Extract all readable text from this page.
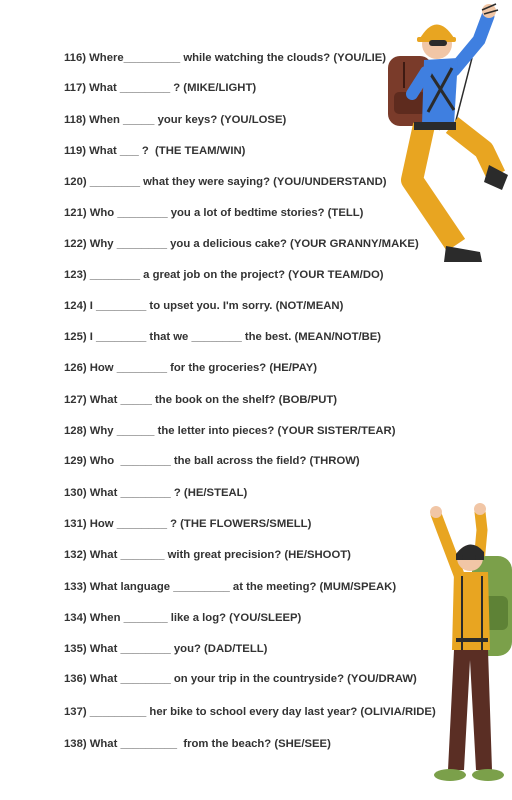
116) Where_________ while watching the clouds? (YOU/LIE)

117) What ________ ? (MIKE/LIGHT)

118) When _____ your keys? (YOU/LOSE)

119) What ___ ?  (THE TEAM/WIN)

120) ________ what they were saying? (YOU/UNDERSTAND)

121) Who ________ you a lot of bedtime stories? (TELL)

122) Why ________ you a delicious cake? (YOUR GRANNY/MAKE)

123) ________ a great job on the project? (YOUR TEAM/DO)

124) I ________ to upset you. I'm sorry. (NOT/MEAN)

125) I ________ that we ________ the best. (MEAN/NOT/BE)

126) How ________ for the groceries? (HE/PAY)

127) What _____ the book on the shelf? (BOB/PUT)

128) Why ______ the letter into pieces? (YOUR SISTER/TEAR)

129) Who  ________ the ball across the field? (THROW)

130) What ________ ? (HE/STEAL)

131) How ________ ? (THE FLOWERS/SMELL)

132) What _______ with great precision? (HE/SHOOT)

133) What language _________ at the meeting? (MUM/SPEAK)

134) When _______ like a log? (YOU/SLEEP)

135) What ________ you? (DAD/TELL)

136) What ________ on your trip in the countryside? (YOU/DRAW)

137) _________ her bike to school every day last year? (OLIVIA/RIDE)

138) What _________  from the beach? (SHE/SEE)
